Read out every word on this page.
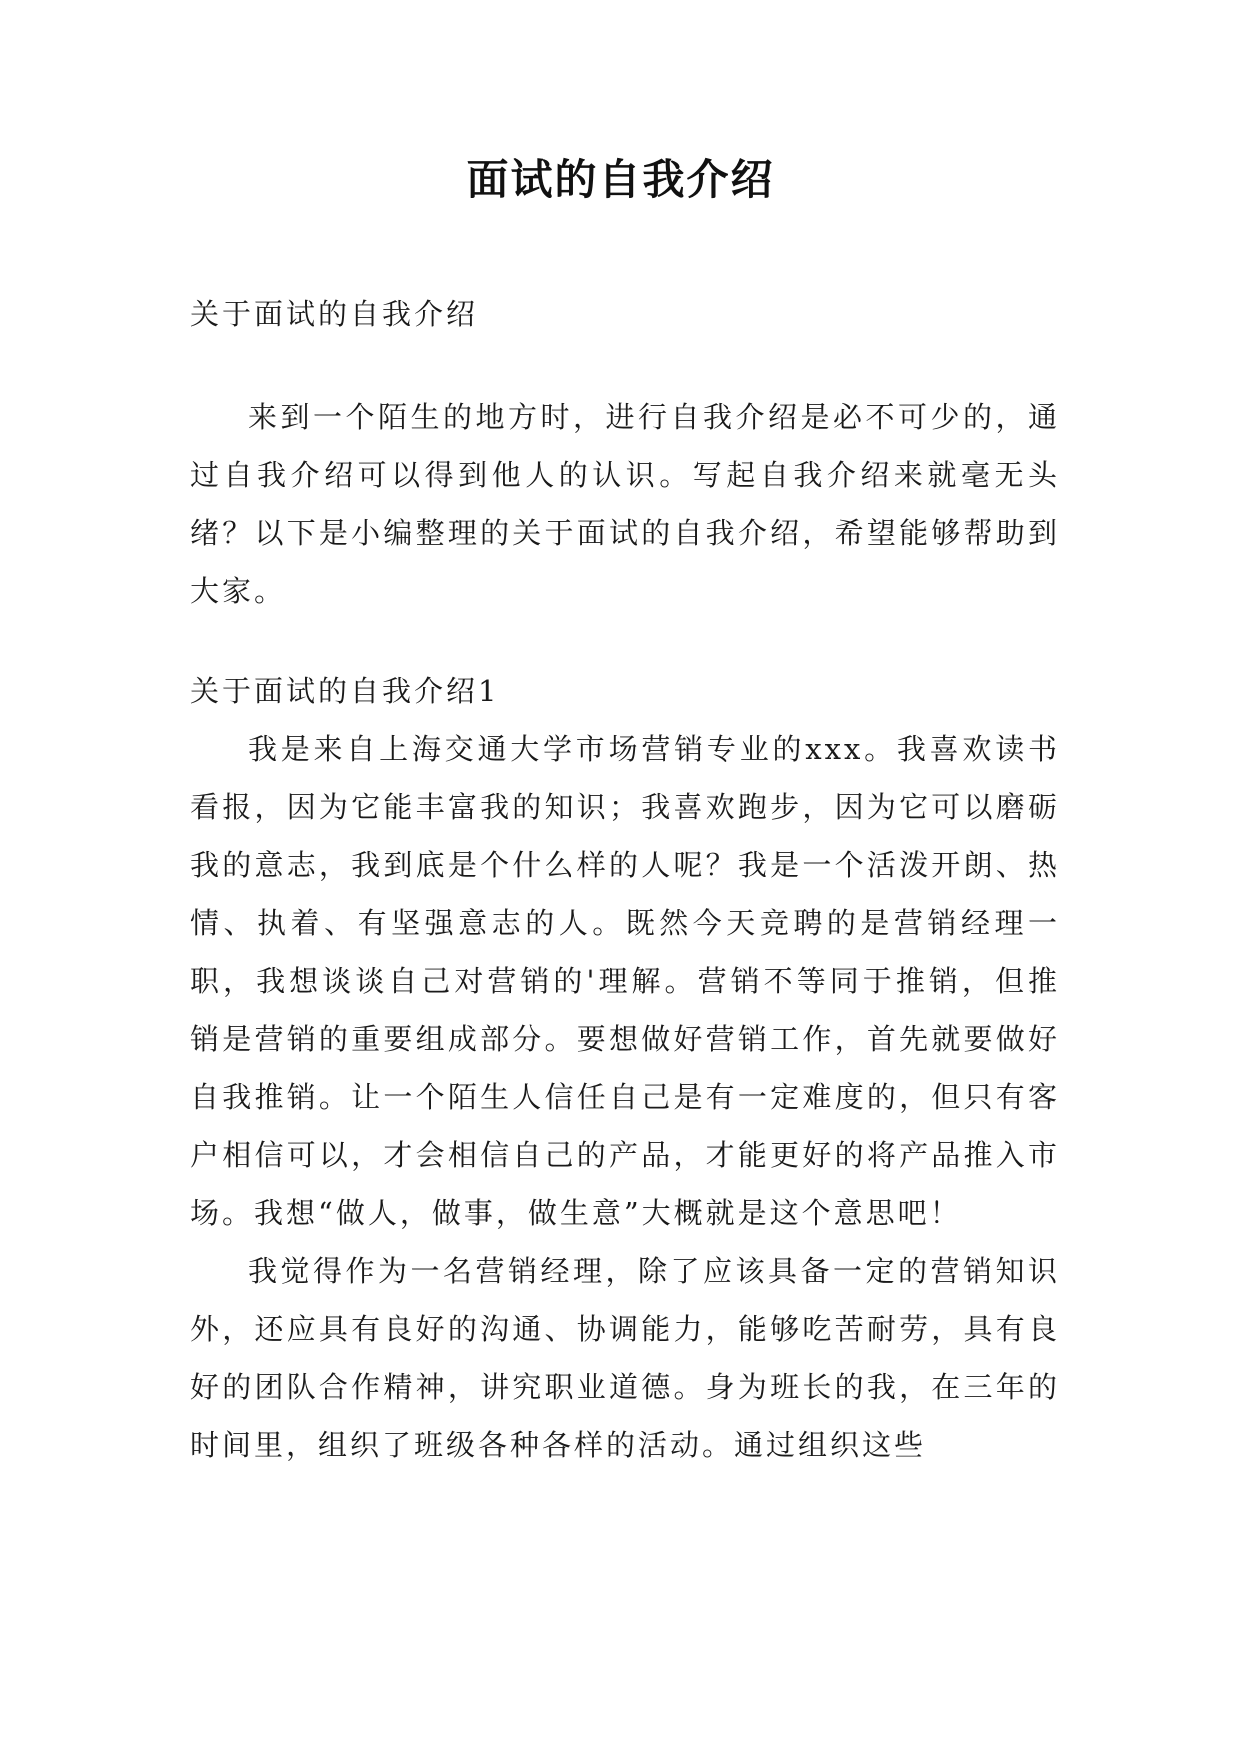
面试的自我介绍
关于面试的自我介绍

来到一个陌生的地方时，进行自我介绍是必不可少的，通过自我介绍可以得到他人的认识。写起自我介绍来就毫无头绪？以下是小编整理的关于面试的自我介绍，希望能够帮助到大家。

关于面试的自我介绍1

我是来自上海交通大学市场营销专业的xxx。我喜欢读书看报，因为它能丰富我的知识；我喜欢跑步，因为它可以磨砺我的意志，我到底是个什么样的人呢？我是一个活泼开朗、热情、执着、有坚强意志的人。既然今天竞聘的是营销经理一职，我想谈谈自己对营销的'理解。营销不等同于推销，但推销是营销的重要组成部分。要想做好营销工作，首先就要做好自我推销。让一个陌生人信任自己是有一定难度的，但只有客户相信可以，才会相信自己的产品，才能更好的将产品推入市场。我想“做人，做事，做生意”大概就是这个意思吧！

我觉得作为一名营销经理，除了应该具备一定的营销知识外，还应具有良好的沟通、协调能力，能够吃苦耐劳，具有良好的团队合作精神，讲究职业道德。身为班长的我，在三年的时间里，组织了班级各种各样的活动。通过组织这些
